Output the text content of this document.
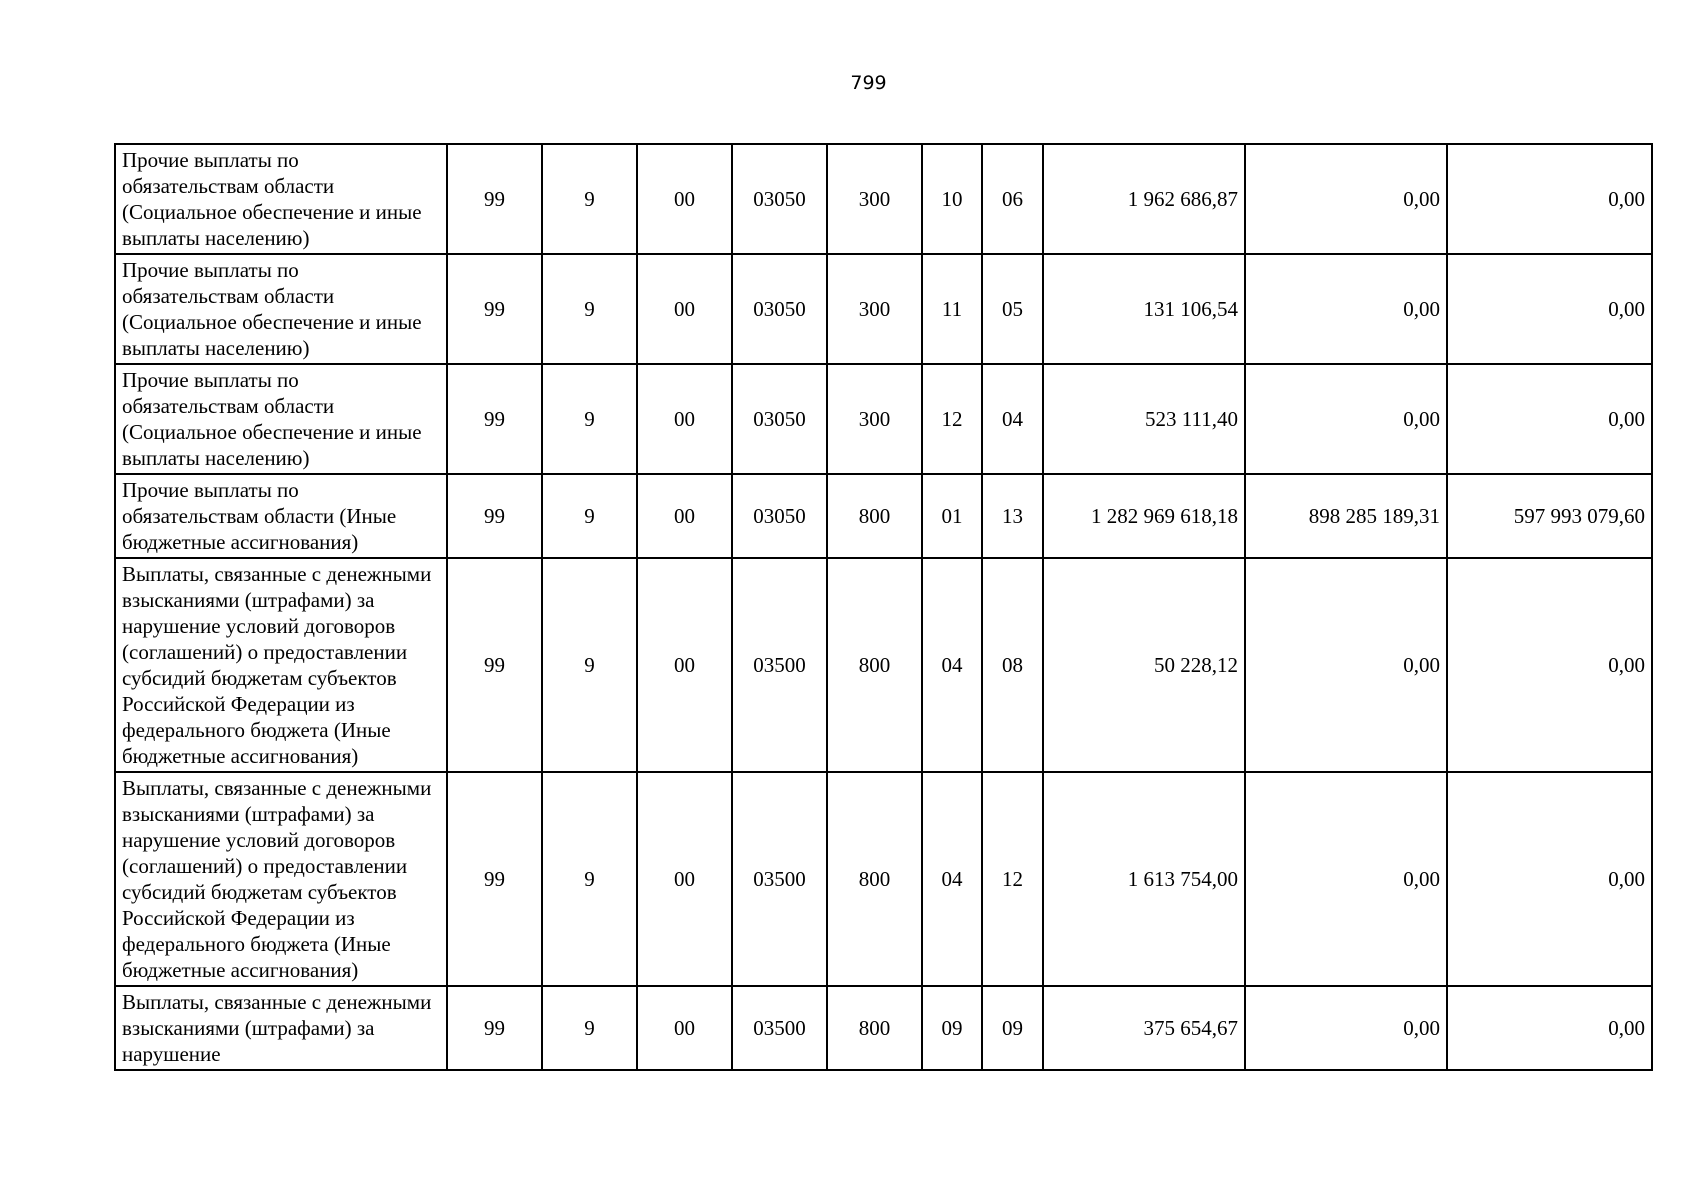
799
Прочие выплаты по обязательствам области (Социальное обеспечение и иные выплаты населению)	99	9	00	03050	300	10	06	1 962 686,87	0,00	0,00
Прочие выплаты по обязательствам области (Социальное обеспечение и иные выплаты населению)	99	9	00	03050	300	11	05	131 106,54	0,00	0,00
Прочие выплаты по обязательствам области (Социальное обеспечение и иные выплаты населению)	99	9	00	03050	300	12	04	523 111,40	0,00	0,00
Прочие выплаты по обязательствам области (Иные бюджетные ассигнования)	99	9	00	03050	800	01	13	1 282 969 618,18	898 285 189,31	597 993 079,60
Выплаты, связанные с денежными взысканиями (штрафами) за нарушение условий договоров (соглашений) о предоставлении субсидий бюджетам субъектов Российской Федерации из федерального бюджета (Иные бюджетные ассигнования)	99	9	00	03500	800	04	08	50 228,12	0,00	0,00
Выплаты, связанные с денежными взысканиями (штрафами) за нарушение условий договоров (соглашений) о предоставлении субсидий бюджетам субъектов Российской Федерации из федерального бюджета (Иные бюджетные ассигнования)	99	9	00	03500	800	04	12	1 613 754,00	0,00	0,00
Выплаты, связанные с денежными взысканиями (штрафами) за нарушение	99	9	00	03500	800	09	09	375 654,67	0,00	0,00
